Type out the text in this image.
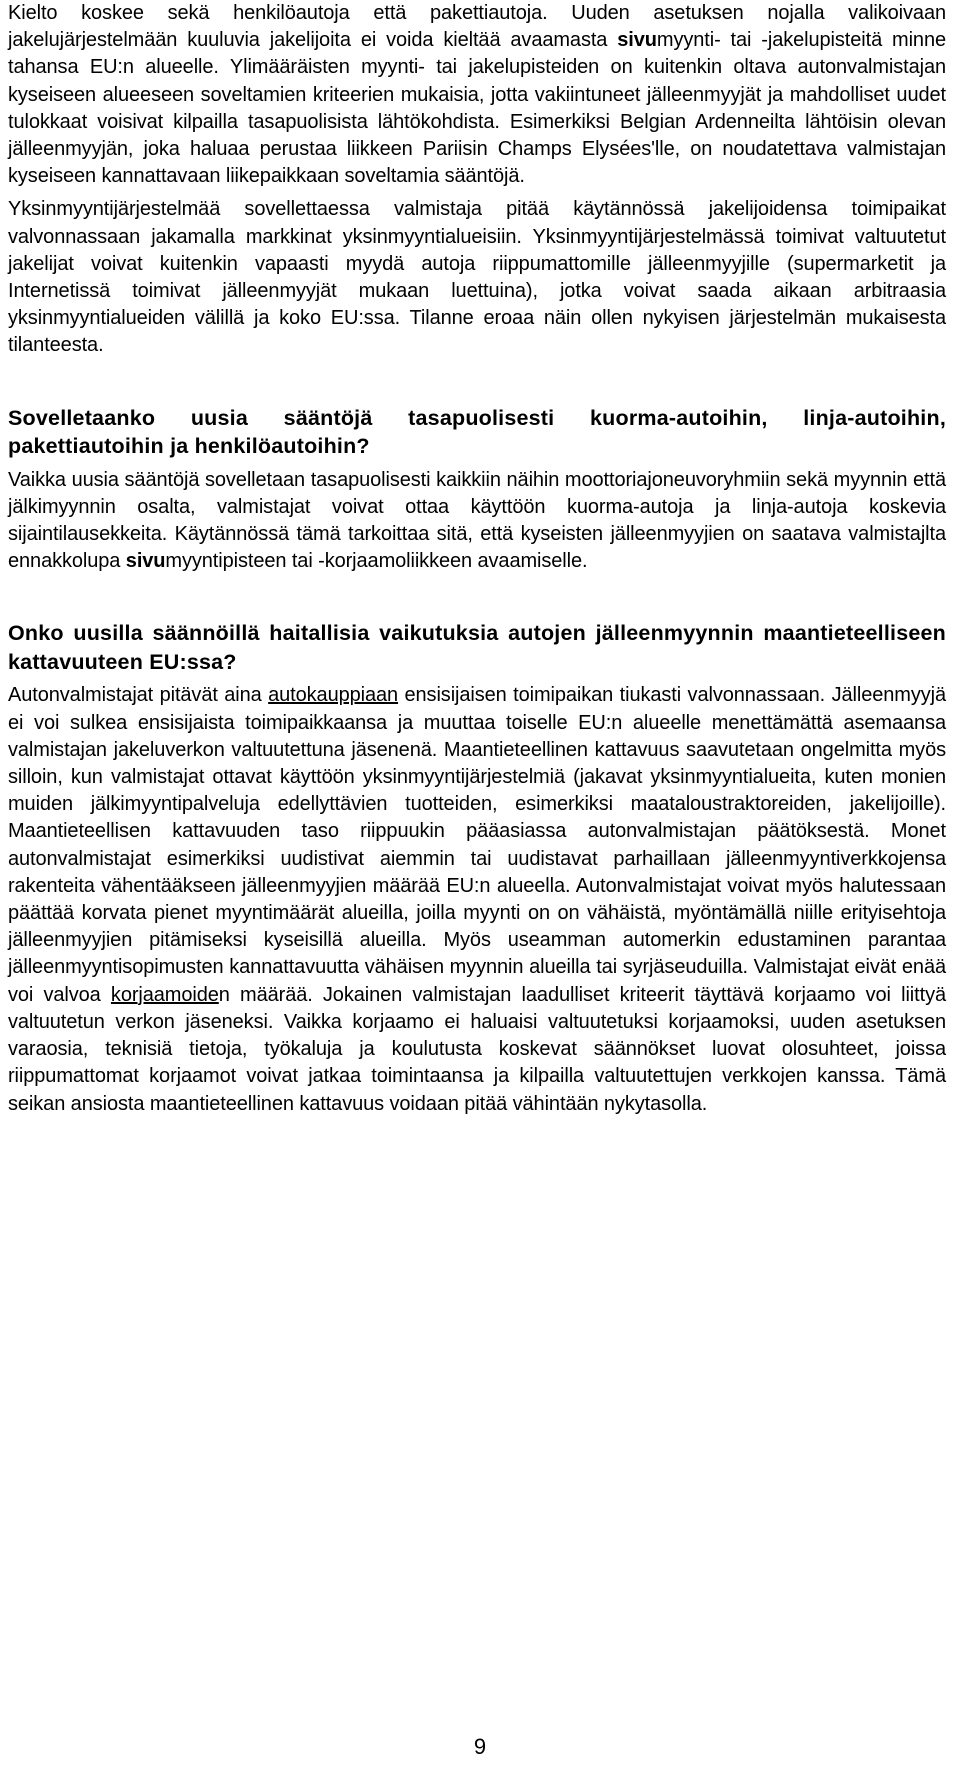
Kielto koskee sekä henkilöautoja että pakettiautoja. Uuden asetuksen nojalla valikoivaan jakelujärjestelmään kuuluvia jakelijoita ei voida kieltää avaamasta sivumyynti- tai -jakelupisteitä minne tahansa EU:n alueelle. Ylimääräisten myynti- tai jakelupisteiden on kuitenkin oltava autonvalmistajan kyseiseen alueeseen soveltamien kriteerien mukaisia, jotta vakiintuneet jälleenmyyjät ja mahdolliset uudet tulokkaat voisivat kilpailla tasapuolisista lähtökohdista. Esimerkiksi Belgian Ardenneilta lähtöisin olevan jälleenmyyjän, joka haluaa perustaa liikkeen Pariisin Champs Elysées'lle, on noudatettava valmistajan kyseiseen kannattavaan liikepaikkaan soveltamia sääntöjä.

Yksinmyyntijärjestelmää sovellettaessa valmistaja pitää käytännössä jakelijoidensa toimipaikat valvonnassaan jakamalla markkinat yksinmyyntialueisiin. Yksinmyyntijärjestelmässä toimivat valtuutetut jakelijat voivat kuitenkin vapaasti myydä autoja riippumattomille jälleenmyyjille (supermarketit ja Internetissä toimivat jälleenmyyjät mukaan luettuina), jotka voivat saada aikaan arbitraasia yksinmyyntialueiden välillä ja koko EU:ssa. Tilanne eroaa näin ollen nykyisen järjestelmän mukaisesta tilanteesta.

Sovelletaanko uusia sääntöjä tasapuolisesti kuorma-autoihin, linja-autoihin, pakettiautoihin ja henkilöautoihin?

Vaikka uusia sääntöjä sovelletaan tasapuolisesti kaikkiin näihin moottoriajoneuvoryhmiin sekä myynnin että jälkimyynnin osalta, valmistajat voivat ottaa käyttöön kuorma-autoja ja linja-autoja koskevia sijaintilausekkeita. Käytännössä tämä tarkoittaa sitä, että kyseisten jälleenmyyjien on saatava valmistajlta ennakkolupa sivumyyntipisteen tai -korjaamoliikkeen avaamiselle.

Onko uusilla säännöillä haitallisia vaikutuksia autojen jälleenmyynnin maantieteelliseen kattavuuteen EU:ssa?

Autonvalmistajat pitävät aina autokauppiaan ensisijaisen toimipaikan tiukasti valvonnassaan. Jälleenmyyjä ei voi sulkea ensisijaista toimipaikkaansa ja muuttaa toiselle EU:n alueelle menettämättä asemaansa valmistajan jakeluverkon valtuutettuna jäsenenä. Maantieteellinen kattavuus saavutetaan ongelmitta myös silloin, kun valmistajat ottavat käyttöön yksinmyyntijärjestelmiä (jakavat yksinmyyntialueita, kuten monien muiden jälkimyyntipalveluja edellyttävien tuotteiden, esimerkiksi maataloustraktoreiden, jakelijoille). Maantieteellisen kattavuuden taso riippuukin pääasiassa autonvalmistajan päätöksestä. Monet autonvalmistajat esimerkiksi uudistivat aiemmin tai uudistavat parhaillaan jälleenmyyntiverkkojensa rakenteita vähentääkseen jälleenmyyjien määrää EU:n alueella. Autonvalmistajat voivat myös halutessaan päättää korvata pienet myyntimäärät alueilla, joilla myynti on on vähäistä, myöntämällä niille erityisehtoja jälleenmyyjien pitämiseksi kyseisillä alueilla. Myös useamman automerkin edustaminen parantaa jälleenmyyntisopimusten kannattavuutta vähäisen myynnin alueilla tai syrjäseuduilla. Valmistajat eivät enää voi valvoa korjaamoiden määrää. Jokainen valmistajan laadulliset kriteerit täyttävä korjaamo voi liittyä valtuutetun verkon jäseneksi. Vaikka korjaamo ei haluaisi valtuutetuksi korjaamoksi, uuden asetuksen varaosia, teknisiä tietoja, työkaluja ja koulutusta koskevat säännökset luovat olosuhteet, joissa riippumattomat korjaamot voivat jatkaa toimintaansa ja kilpailla valtuutettujen verkkojen kanssa. Tämä seikan ansiosta maantieteellinen kattavuus voidaan pitää vähintään nykytasolla.

9
